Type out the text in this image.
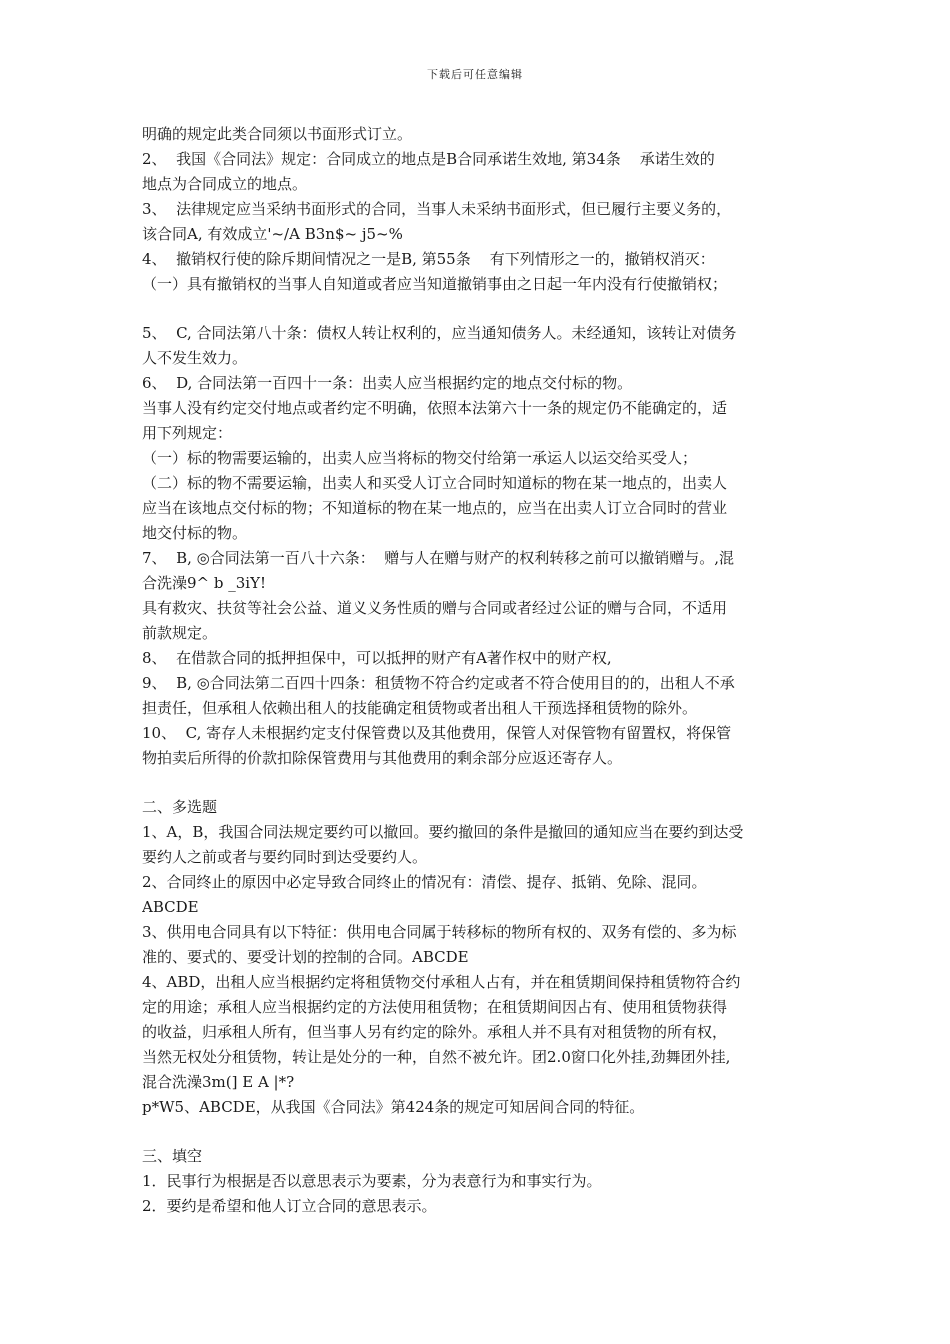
下载后可任意编辑
明确的规定此类合同须以书面形式订立。
2、  我国《合同法》规定：合同成立的地点是B合同承诺生效地, 第34条    承诺生效的
地点为合同成立的地点。
3、  法律规定应当采纳书面形式的合同，当事人未采纳书面形式，但已履行主要义务的，
该合同A, 有效成立'~/A B3n$~ j5~%
4、  撤销权行使的除斥期间情况之一是B, 第55条    有下列情形之一的，撤销权消灭：
（一）具有撤销权的当事人自知道或者应当知道撤销事由之日起一年内没有行使撤销权；
5、  C, 合同法第八十条：债权人转让权利的，应当通知债务人。未经通知，该转让对债务
人不发生效力。
6、  D, 合同法第一百四十一条：出卖人应当根据约定的地点交付标的物。
当事人没有约定交付地点或者约定不明确，依照本法第六十一条的规定仍不能确定的，适
用下列规定：
（一）标的物需要运输的，出卖人应当将标的物交付给第一承运人以运交给买受人；
（二）标的物不需要运输，出卖人和买受人订立合同时知道标的物在某一地点的，出卖人
应当在该地点交付标的物；不知道标的物在某一地点的，应当在出卖人订立合同时的营业
地交付标的物。
7、  B, ◎合同法第一百八十六条：  赠与人在赠与财产的权利转移之前可以撤销赠与。,混
合洗澡9^ b _3iY!
具有救灾、扶贫等社会公益、道义义务性质的赠与合同或者经过公证的赠与合同，不适用
前款规定。
8、  在借款合同的抵押担保中，可以抵押的财产有A著作权中的财产权,
9、  B, ◎合同法第二百四十四条：租赁物不符合约定或者不符合使用目的的，出租人不承
担责任，但承租人依赖出租人的技能确定租赁物或者出租人干预选择租赁物的除外。
10、  C, 寄存人未根据约定支付保管费以及其他费用，保管人对保管物有留置权，将保管
物拍卖后所得的价款扣除保管费用与其他费用的剩余部分应返还寄存人。
二、多选题
1、A，B，我国合同法规定要约可以撤回。要约撤回的条件是撤回的通知应当在要约到达受
要约人之前或者与要约同时到达受要约人。
2、合同终止的原因中必定导致合同终止的情况有：清偿、提存、抵销、免除、混同。
ABCDE
3、供用电合同具有以下特征：供用电合同属于转移标的物所有权的、双务有偿的、多为标
准的、要式的、要受计划的控制的合同。ABCDE
4、ABD，出租人应当根据约定将租赁物交付承租人占有，并在租赁期间保持租赁物符合约
定的用途；承租人应当根据约定的方法使用租赁物；在租赁期间因占有、使用租赁物获得
的收益，归承租人所有，但当事人另有约定的除外。承租人并不具有对租赁物的所有权，
当然无权处分租赁物，转让是处分的一种，自然不被允许。团2.0窗口化外挂,劲舞团外挂,
混合洗澡3m(] E A |*?
p*W5、ABCDE，从我国《合同法》第424条的规定可知居间合同的特征。
三、填空
1．民事行为根据是否以意思表示为要素，分为表意行为和事实行为。
2．要约是希望和他人订立合同的意思表示。
